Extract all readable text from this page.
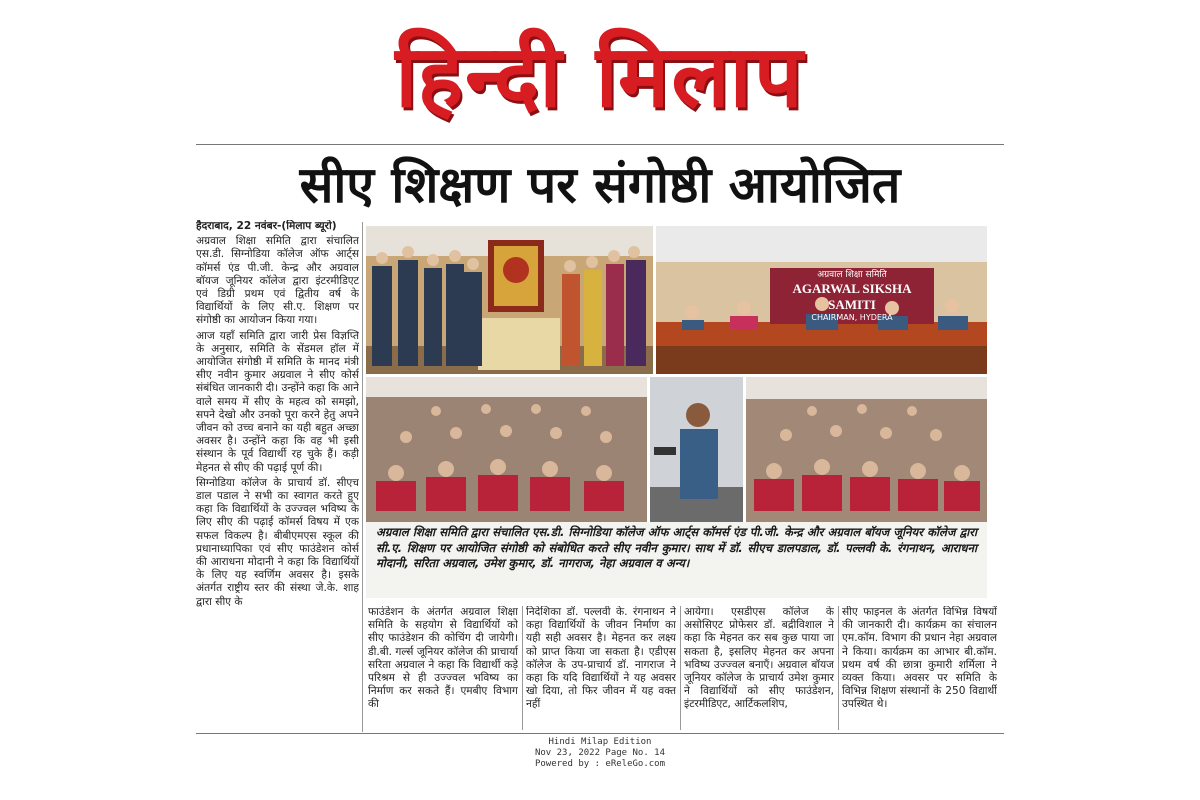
हिन्दी मिलाप
सीए शिक्षण पर संगोष्ठी आयोजित

हैदराबाद, 22 नवंबर-(मिलाप ब्यूरो)

अग्रवाल शिक्षा समिति द्वारा संचालित एस.डी. सिग्नोडिया कॉलेज ऑफ आर्ट्स कॉमर्स एंड पी.जी. केन्द्र और अग्रवाल बॉयज जूनियर कॉलेज द्वारा इंटरमीडिएट एवं डिग्री प्रथम एवं द्वितीय वर्ष के विद्यार्थियों के लिए सी.ए. शिक्षण पर संगोष्ठी का आयोजन किया गया।

आज यहाँ समिति द्वारा जारी प्रेस विज्ञप्ति के अनुसार, समिति के सेंडमल हॉल में आयोजित संगोष्ठी में समिति के मानद मंत्री सीए नवीन कुमार अग्रवाल ने सीए कोर्स संबंधित जानकारी दी। उन्होंने कहा कि आने वाले समय में सीए के महत्व को समझो, सपने देखो और उनको पूरा करने हेतु अपने जीवन को उच्च बनाने का यही बहुत अच्छा अवसर है। उन्होंने कहा कि वह भी इसी संस्थान के पूर्व विद्यार्थी रह चुके हैं। कड़ी मेहनत से सीए की पढ़ाई पूर्ण की।

सिग्नोडिया कॉलेज के प्राचार्य डॉ. सीएच डाल पडाल ने सभी का स्वागत करते हुए कहा कि विद्यार्थियों के उज्ज्वल भविष्य के लिए सीए की पढ़ाई कॉमर्स विषय में एक सफल विकल्प है। बीबीएमएस स्कूल की प्रधानाध्यापिका एवं सीए फाउंडेशन कोर्स की आराधना मोदानी ने कहा कि विद्यार्थियों के लिए यह स्वर्णिम अवसर है। इसके अंतर्गत राष्ट्रीय स्तर की संस्था जे.के. शाह द्वारा सीए के

अग्रवाल शिक्षा समिति
AGARWAL SIKSHA SAMITI
CHAIRMAN, HYDERA
अग्रवाल शिक्षा समिति द्वारा संचालित एस.डी. सिग्नोडिया कॉलेज ऑफ आर्ट्स कॉमर्स एंड पी.जी. केन्द्र और अग्रवाल बॉयज जूनियर कॉलेज द्वारा सी.ए. शिक्षण पर आयोजित संगोष्ठी को संबोधित करते सीए नवीन कुमार। साथ में डॉ. सीएच डालपडाल, डॉ. पल्लवी के. रंगनाथन, आराधना मोदानी, सरिता अग्रवाल, उमेश कुमार, डॉ. नागराज, नेहा अग्रवाल व अन्य।
फाउंडेशन के अंतर्गत अग्रवाल शिक्षा समिति के सहयोग से विद्यार्थियों को सीए फाउंडेशन की कोचिंग दी जायेगी। डी.बी. गर्ल्स जूनियर कॉलेज की प्राचार्या सरिता अग्रवाल ने कहा कि विद्यार्थी कड़े परिश्रम से ही उज्ज्वल भविष्य का निर्माण कर सकते हैं। एमबीए विभाग की
निदेशिका डॉ. पल्लवी के. रंगनाथन ने कहा विद्यार्थियों के जीवन निर्माण का यही सही अवसर है। मेहनत कर लक्ष्य को प्राप्त किया जा सकता है। एडीएस कॉलेज के उप-प्राचार्य डॉ. नागराज ने कहा कि यदि विद्यार्थियों ने यह अवसर खो दिया, तो फिर जीवन में यह वक्त नहीं
आयेगा। एसडीएस कॉलेज के असोसिएट प्रोफेसर डॉ. बद्रीविशाल ने कहा कि मेहनत कर सब कुछ पाया जा सकता है, इसलिए मेहनत कर अपना भविष्य उज्ज्वल बनाएँ। अग्रवाल बॉयज जूनियर कॉलेज के प्राचार्य उमेश कुमार ने विद्यार्थियों को सीए फाउंडेशन, इंटरमीडिएट, आर्टिकलशिप,
सीए फाइनल के अंतर्गत विभिन्न विषयों की जानकारी दी। कार्यक्रम का संचालन एम.कॉम. विभाग की प्रधान नेहा अग्रवाल ने किया। कार्यक्रम का आभार बी.कॉम. प्रथम वर्ष की छात्रा कुमारी शर्मिला ने व्यक्त किया। अवसर पर समिति के विभिन्न शिक्षण संस्थानों के 250 विद्यार्थी उपस्थित थे।
Hindi Milap Edition
Nov 23, 2022 Page No. 14
Powered by : eReleGo.com
